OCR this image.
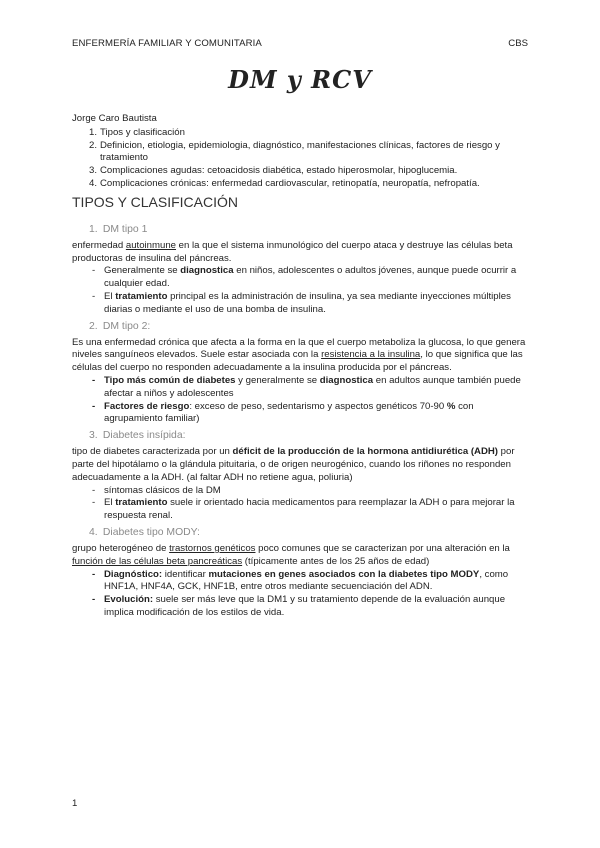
ENFERMERÍA FAMILIAR Y COMUNITARIA	CBS
DM y RCV

Jorge Caro Bautista

1. Tipos y clasificación
2. Definicion, etiologia, epidemiologia, diagnóstico, manifestaciones clínicas, factores de riesgo y tratamiento
3. Complicaciones agudas: cetoacidosis diabética, estado hiperosmolar, hipoglucemia.
4. Complicaciones crónicas: enfermedad cardiovascular, retinopatía, neuropatía, nefropatía.
TIPOS Y CLASIFICACIÓN
1. DM tipo 1

enfermedad autoinmune en la que el sistema inmunológico del cuerpo ataca y destruye las células beta productoras de insulina del páncreas.

- Generalmente se diagnostica en niños, adolescentes o adultos jóvenes, aunque puede ocurrir a cualquier edad.
- El tratamiento principal es la administración de insulina, ya sea mediante inyecciones múltiples diarias o mediante el uso de una bomba de insulina.
2. DM tipo 2:

Es una enfermedad crónica que afecta a la forma en la que el cuerpo metaboliza la glucosa, lo que genera niveles sanguíneos elevados. Suele estar asociada con la resistencia a la insulina, lo que significa que las células del cuerpo no responden adecuadamente a la insulina producida por el páncreas.

- Tipo más común de diabetes y generalmente se diagnostica en adultos aunque también puede afectar a niños y adolescentes
- Factores de riesgo: exceso de peso, sedentarismo y aspectos genéticos 70-90 % con agrupamiento familiar)
3. Diabetes insípida:

tipo de diabetes caracterizada por un déficit de la producción de la hormona antidiurética (ADH) por parte del hipotálamo o la glándula pituitaria, o de origen neurogénico, cuando los riñones no responden adecuadamente a la ADH. (al faltar ADH no retiene agua, poliuria)

- síntomas clásicos de la DM
- El tratamiento suele ir orientado hacia medicamentos para reemplazar la ADH o para mejorar la respuesta renal.
4. Diabetes tipo MODY:

grupo heterogéneo de trastornos genéticos poco comunes que se caracterizan por una alteración en la función de las células beta pancreáticas (típicamente antes de los 25 años de edad)

- Diagnóstico: identificar mutaciones en genes asociados con la diabetes tipo MODY, como HNF1A, HNF4A, GCK, HNF1B, entre otros mediante secuenciación del ADN.
- Evolución: suele ser más leve que la DM1 y su tratamiento depende de la evaluación aunque implica modificación de los estilos de vida.
1
